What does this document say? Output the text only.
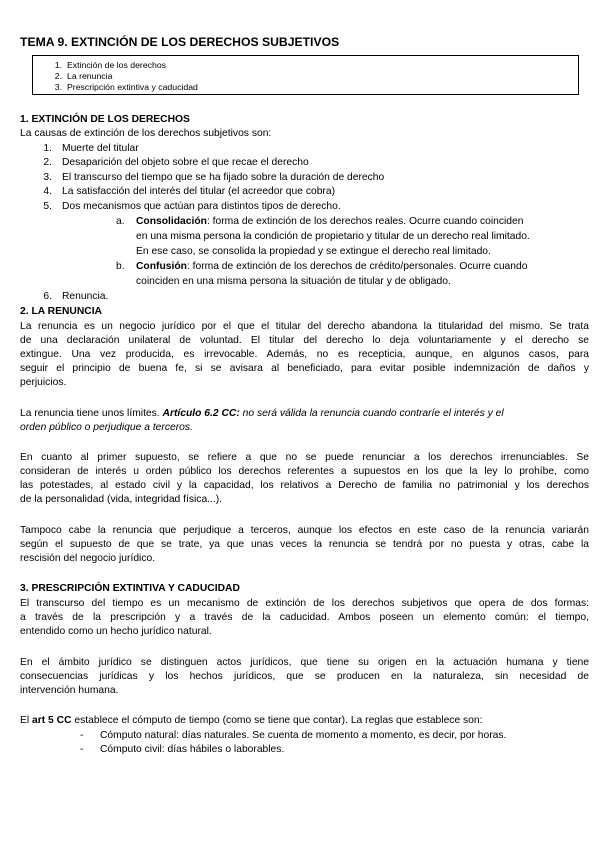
TEMA 9. EXTINCIÓN DE LOS DERECHOS SUBJETIVOS
1. Extinción de los derechos
2. La renuncia
3. Prescripción extintiva y caducidad
1. EXTINCIÓN DE LOS DERECHOS
La causas de extinción de los derechos subjetivos son:
1. Muerte del titular
2. Desaparición del objeto sobre el que recae el derecho
3. El transcurso del tiempo que se ha fijado sobre la duración de derecho
4. La satisfacción del interés del titular (el acreedor que cobra)
5. Dos mecanismos que actúan para distintos tipos de derecho.
a. Consolidación: forma de extinción de los derechos reales. Ocurre cuando coinciden
en una misma persona la condición de propietario y titular de un derecho real limitado.
En ese caso, se consolida la propiedad y se extingue el derecho real limitado.
b. Confusión: forma de extinción de los derechos de crédito/personales. Ocurre cuando
coinciden en una misma persona la situación de titular y de obligado.
6. Renuncia.
2. LA RENUNCIA
La renuncia es un negocio jurídico por el que el titular del derecho abandona la titularidad del mismo. Se trata
de una declaración unilateral de voluntad. El titular del derecho lo deja voluntariamente y el derecho se
extingue. Una vez producida, es irrevocable. Además, no es recepticia, aunque, en algunos casos, para
seguir el principio de buena fe, si se avisara al beneficiado, para evitar posible indemnización de daños y
perjuicios.
La renuncia tiene unos límites. Artículo 6.2 CC: no será válida la renuncia cuando contraríe el interés y el
orden público o perjudique a terceros.
En cuanto al primer supuesto, se refiere a que no se puede renunciar a los derechos irrenunciables. Se
consideran de interés u orden público los derechos referentes a supuestos en los que la ley lo prohíbe, como
las potestades, al estado civil y la capacidad, los relativos a Derecho de familia no patrimonial y los derechos
de la personalidad (vida, integridad física...).
Tampoco cabe la renuncia que perjudique a terceros, aunque los efectos en este caso de la renuncia variarán
según el supuesto de que se trate, ya que unas veces la renuncia se tendrá por no puesta y otras, cabe la
rescisión del negocio jurídico.
3. PRESCRIPCIÓN EXTINTIVA Y CADUCIDAD
El transcurso del tiempo es un mecanismo de extinción de los derechos subjetivos que opera de dos formas:
a través de la prescripción y a través de la caducidad. Ambos poseen un elemento común: el tiempo,
entendido como un hecho jurídico natural.
En el ámbito jurídico se distinguen actos jurídicos, que tiene su origen en la actuación humana y tiene
consecuencias jurídicas y los hechos jurídicos, que se producen en la naturaleza, sin necesidad de
intervención humana.
El art 5 CC establece el cómputo de tiempo (como se tiene que contar). La reglas que establece son:
- Cómputo natural: días naturales. Se cuenta de momento a momento, es decir, por horas.
- Cómputo civil: días hábiles o laborables.
